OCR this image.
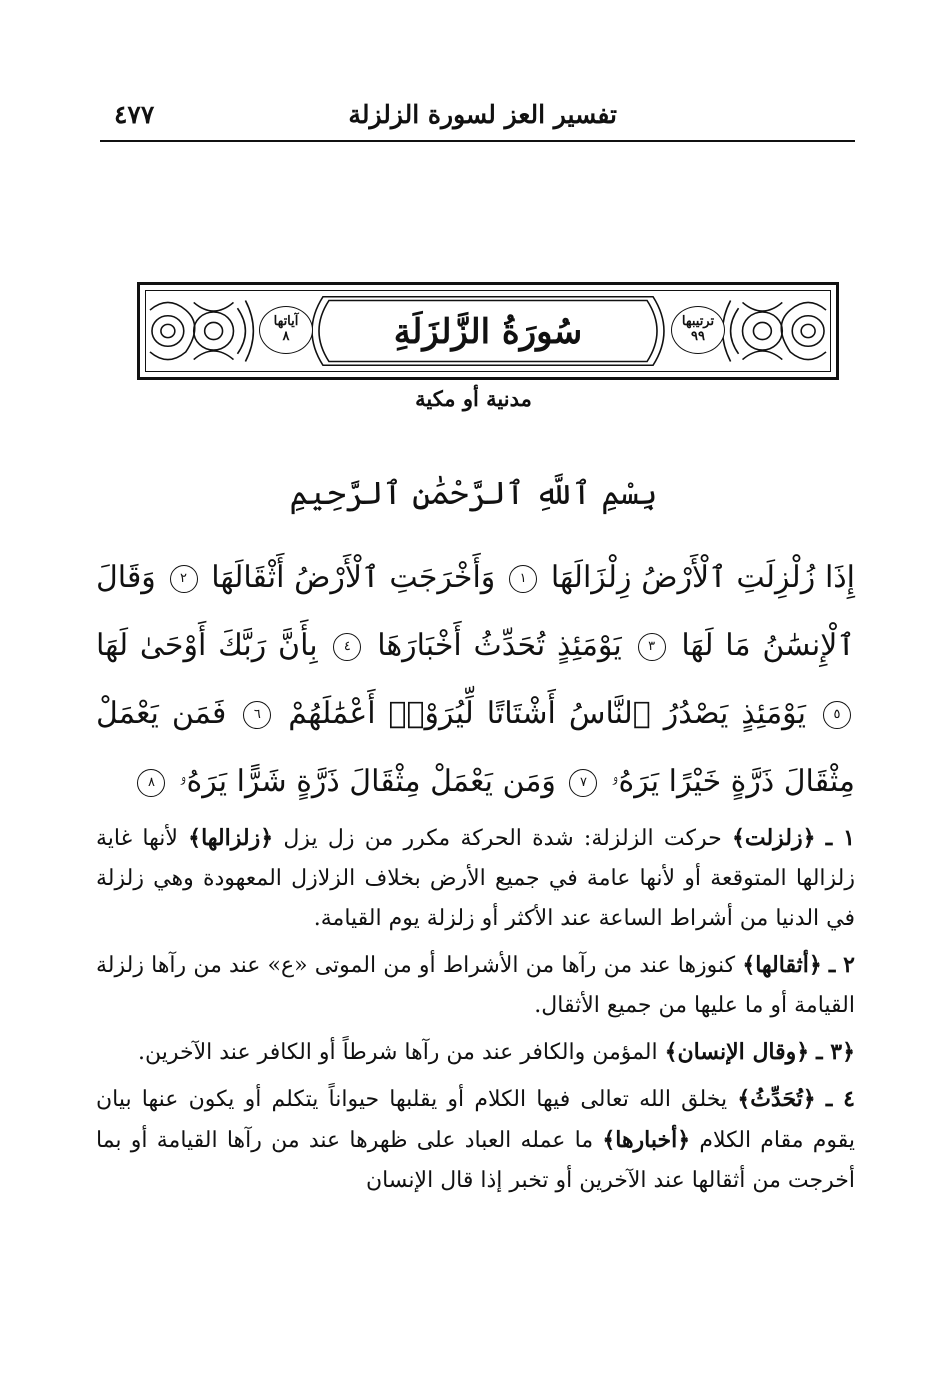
تفسير العز لسورة الزلزلة
٤٧٧
سُورَةُ الزَّلزَلَةِ	ترتيبها
٩٩
آياتها
٨
مدنية أو مكية
بِسْمِ ٱللَّهِ ٱلرَّحْمَٰنِ ٱلرَّحِيمِ
إِذَا زُلْزِلَتِ ٱلْأَرْضُ زِلْزَالَهَا ١ وَأَخْرَجَتِ ٱلْأَرْضُ أَثْقَالَهَا ٢ وَقَالَ ٱلْإِنسَٰنُ مَا لَهَا ٣ يَوْمَئِذٍ تُحَدِّثُ أَخْبَارَهَا ٤ بِأَنَّ رَبَّكَ أَوْحَىٰ لَهَا ٥ يَوْمَئِذٍ يَصْدُرُ ٱلنَّاسُ أَشْتَاتًا لِّيُرَوْا۟ أَعْمَٰلَهُمْ ٦ فَمَن يَعْمَلْ مِثْقَالَ ذَرَّةٍ خَيْرًا يَرَهُۥ ٧ وَمَن يَعْمَلْ مِثْقَالَ ذَرَّةٍ شَرًّا يَرَهُۥ ٨

١ ـ ﴿زلزلت﴾ حركت الزلزلة: شدة الحركة مكرر من زل يزل ﴿زلزالها﴾ لأنها غاية زلزالها المتوقعة أو لأنها عامة في جميع الأرض بخلاف الزلازل المعهودة وهي زلزلة في الدنيا من أشراط الساعة عند الأكثر أو زلزلة يوم القيامة.

٢ ـ ﴿أثقالها﴾ كنوزها عند من رآها من الأشراط أو من الموتى «ع» عند من رآها زلزلة القيامة أو ما عليها من جميع الأثقال.

﴿٣ ـ ﴿وقال الإنسان﴾ المؤمن والكافر عند من رآها شرطاً أو الكافر عند الآخرين.

٤ ـ ﴿تُحَدِّثُ﴾ يخلق الله تعالى فيها الكلام أو يقلبها حيواناً يتكلم أو يكون عنها بيان يقوم مقام الكلام ﴿أخبارها﴾ ما عمله العباد على ظهرها عند من رآها القيامة أو بما أخرجت من أثقالها عند الآخرين أو تخبر إذا قال الإنسان
